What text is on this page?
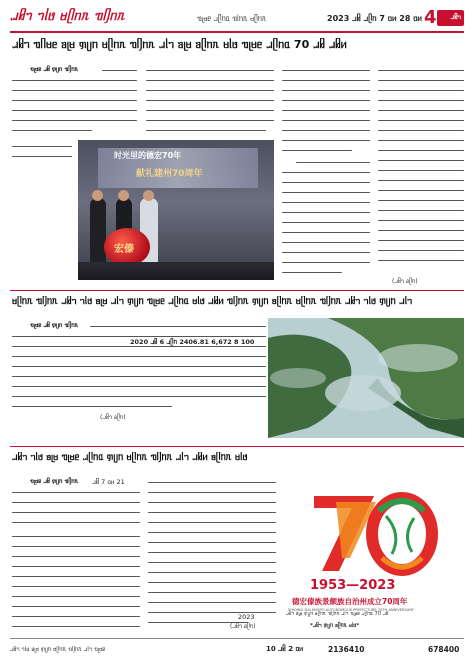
ᥘᥤᥐ ᥐᥣᥳ ᥛᥫᥒᥰ ᥓᥦᥒᥰ	ᥓᥨᥛᥱ ᥘᥫᥒᥲ ᥓᥣᥒᥰ ᥛᥫᥒᥰ	2023 ᥘᥤ ᥘᥫᥒ 7 ᥝᥢ 28 ᥝᥢ 4 ᥘᥤᥐ
ᥘᥤᥐ ᥓᥥᥛᥱ ᥑᥨᥛ ᥞᥩᥒ ᥛᥫᥒᥰ ᥓᥦᥒᥰ ᥘᥣᥐ ᥑᥨᥛ ᥑᥫᥒᥰ ᥛᥣᥳ ᥓᥨᥛᥱ ᥘᥫᥒᥲ 70 ᥘᥤ ᥘᥤᥢ
ᥓᥨᥛᥱ ᥘᥤ ᥞᥩᥒ ᥓᥦᥒᥰ
时光里的德宏70年
献礼建州70周年
宏傣
(ᥘᥤᥐ ᥑᥫᥒ)
ᥛᥫᥒᥰ ᥓᥦᥒᥰ ᥘᥤᥐ ᥐᥣᥳ ᥑᥨᥛ ᥘᥣᥐ ᥞᥩᥒ ᥓᥨᥛᥱ ᥘᥫᥒᥲ ᥛᥣᥳ ᥘᥤᥢ ᥓᥦᥒᥰ ᥞᥩᥒ ᥑᥫᥒᥰ ᥛᥫᥒᥰ ᥓᥦᥒᥰ ᥘᥤᥐ ᥐᥣᥳ ᥞᥩᥒ ᥘᥣᥐ
ᥓᥨᥛᥱ ᥘᥤ ᥞᥩᥒ ᥓᥦᥒᥰ
2020 ᥘᥤ 6 ᥘᥫᥒ 2406.81 6,672 8 100
(ᥘᥤᥐ ᥑᥫᥒ)
ᥘᥤᥐ ᥐᥣᥳ ᥑᥨᥛ ᥓᥨᥛᥱ ᥘᥫᥒᥲ ᥞᥩᥒ ᥛᥫᥒᥰ ᥓᥦᥒᥰ ᥘᥣᥐ ᥘᥤᥢ ᥑᥫᥒᥰ ᥛᥣᥳ
ᥓᥨᥛᥱ ᥘᥤ ᥞᥩᥒ ᥓᥦᥒᥰ ᥘᥤ 7 ᥝᥢ 21
2023
(ᥘᥤᥐ ᥑᥫᥒ)
1953—2023
德宏傣族景颇族自治州成立70周年
SHIQING DAI JINGPO AUTONOMOUS PREFECTURE 70TH ANNIVERSARY
ᥘᥤᥐ ᥑᥨᥛ ᥞᥩᥒ ᥛᥫᥒᥰ ᥓᥦᥒᥰ ᥘᥣᥐ ᥓᥨᥛᥱ ᥘᥫᥒᥲ 70 ᥘᥤ
*ᥘᥤᥐ ᥞᥩᥒ ᥑᥫᥒᥰ ᥛᥣᥳ*
ᥘᥤᥐ ᥐᥣᥳ ᥑᥨᥛ ᥞᥩᥒ ᥛᥫᥒᥰ ᥓᥦᥒᥰ ᥘᥣᥐ ᥓᥨᥛᥱ	10 ᥘᥤ 2 ᥝᥢ	2136410	678400
